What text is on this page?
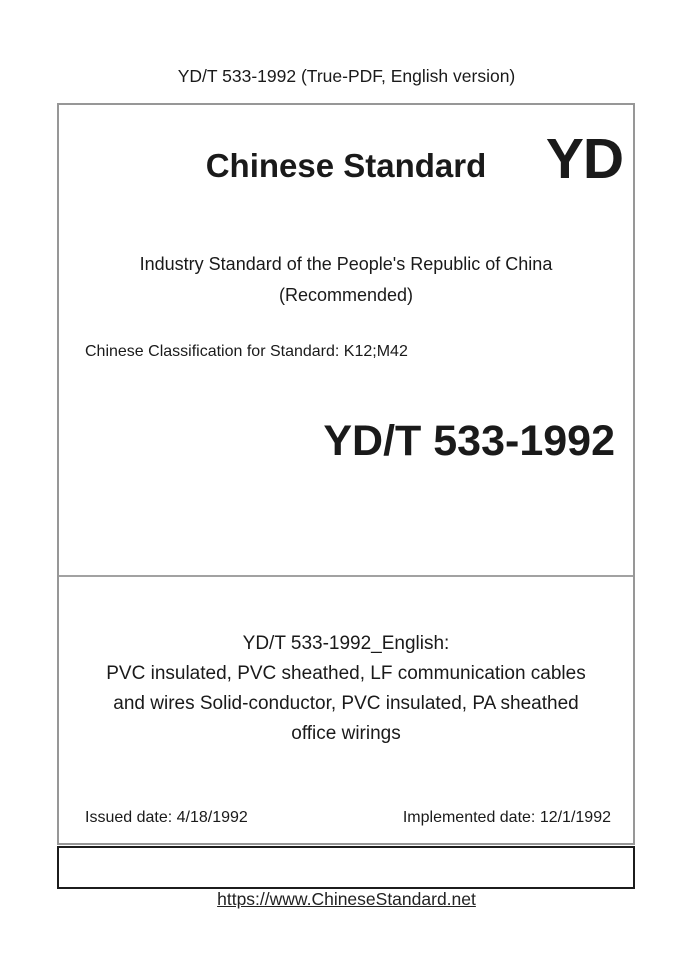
YD/T 533-1992 (True-PDF, English version)
Chinese Standard	YD
Industry Standard of the People's Republic of China
(Recommended)
Chinese Classification for Standard: K12;M42
YD/T 533-1992
YD/T 533-1992_English:
PVC insulated, PVC sheathed, LF communication cables
and wires Solid-conductor, PVC insulated, PA sheathed
office wirings
Issued date: 4/18/1992	Implemented date: 12/1/1992
https://www.ChineseStandard.net
